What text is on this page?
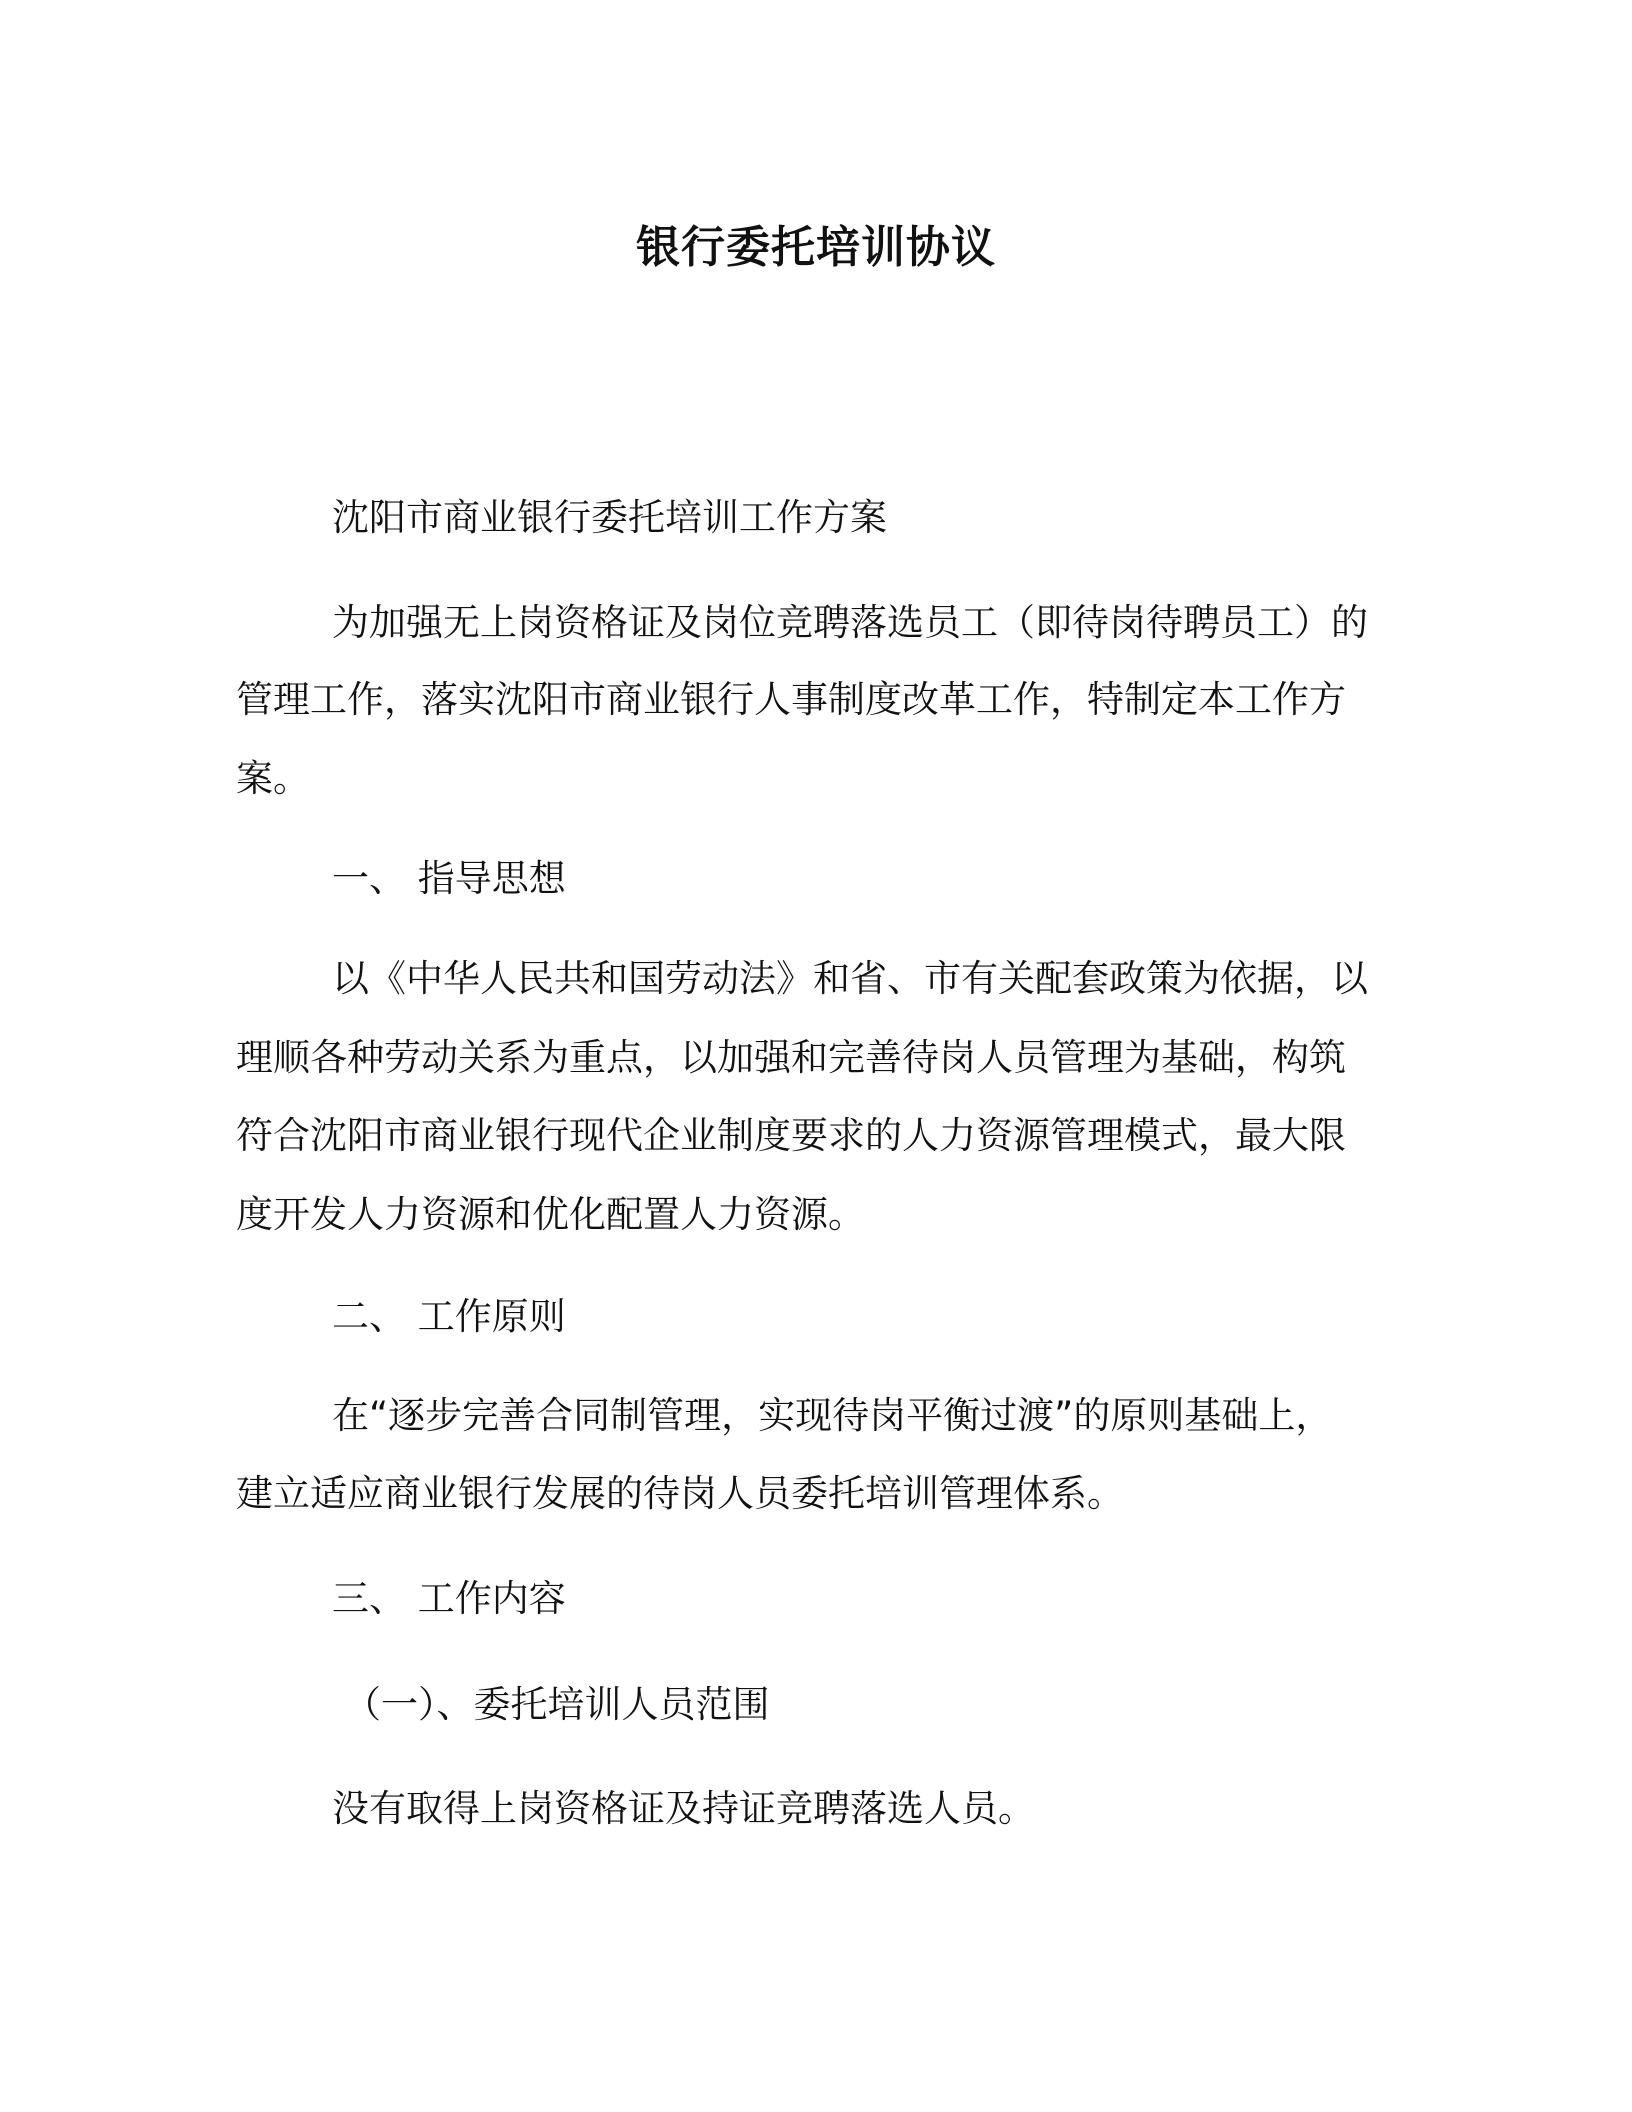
银行委托培训协议
沈阳市商业银行委托培训工作方案
为加强无上岗资格证及岗位竞聘落选员工（即待岗待聘员工）的
管理工作，落实沈阳市商业银行人事制度改革工作，特制定本工作方
案。
一、 指导思想
以《中华人民共和国劳动法》和省、市有关配套政策为依据，以
理顺各种劳动关系为重点，以加强和完善待岗人员管理为基础，构筑
符合沈阳市商业银行现代企业制度要求的人力资源管理模式，最大限
度开发人力资源和优化配置人力资源。
二、 工作原则
在“逐步完善合同制管理，实现待岗平衡过渡”的原则基础上，
建立适应商业银行发展的待岗人员委托培训管理体系。
三、 工作内容
（一）、委托培训人员范围
没有取得上岗资格证及持证竞聘落选人员。
